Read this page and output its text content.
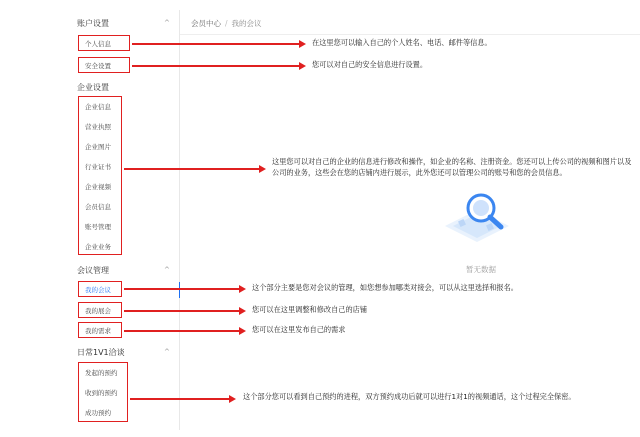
会员中心 / 我的会议
账户设置	^
个人信息
安全设置
企业设置
企业信息
营业执照
企业图片
行业证书
企业视频
会员信息
账号管理
企业业务
会议管理	^
我的会议
我的展会
我的需求
日常1V1洽谈	^
发起的预约
收到的预约
成功预约
在这里您可以输入自己的个人姓名、电话、邮件等信息。
您可以对自己的安全信息进行设置。
这里您可以对自己的企业的信息进行修改和操作，如企业的名称、注册资金。您还可以上传公司的视频和图片以及公司的业务，这些会在您的店铺内进行展示，此外您还可以管理公司的账号和您的会员信息。
这个部分主要是您对会议的管理，如您想参加哪类对接会，可以从这里选择和报名。
您可以在这里调整和修改自己的店铺
您可以在这里发布自己的需求
这个部分您可以看到自己预约的进程，双方预约成功后就可以进行1对1的视频通话，这个过程完全保密。
暂无数据
